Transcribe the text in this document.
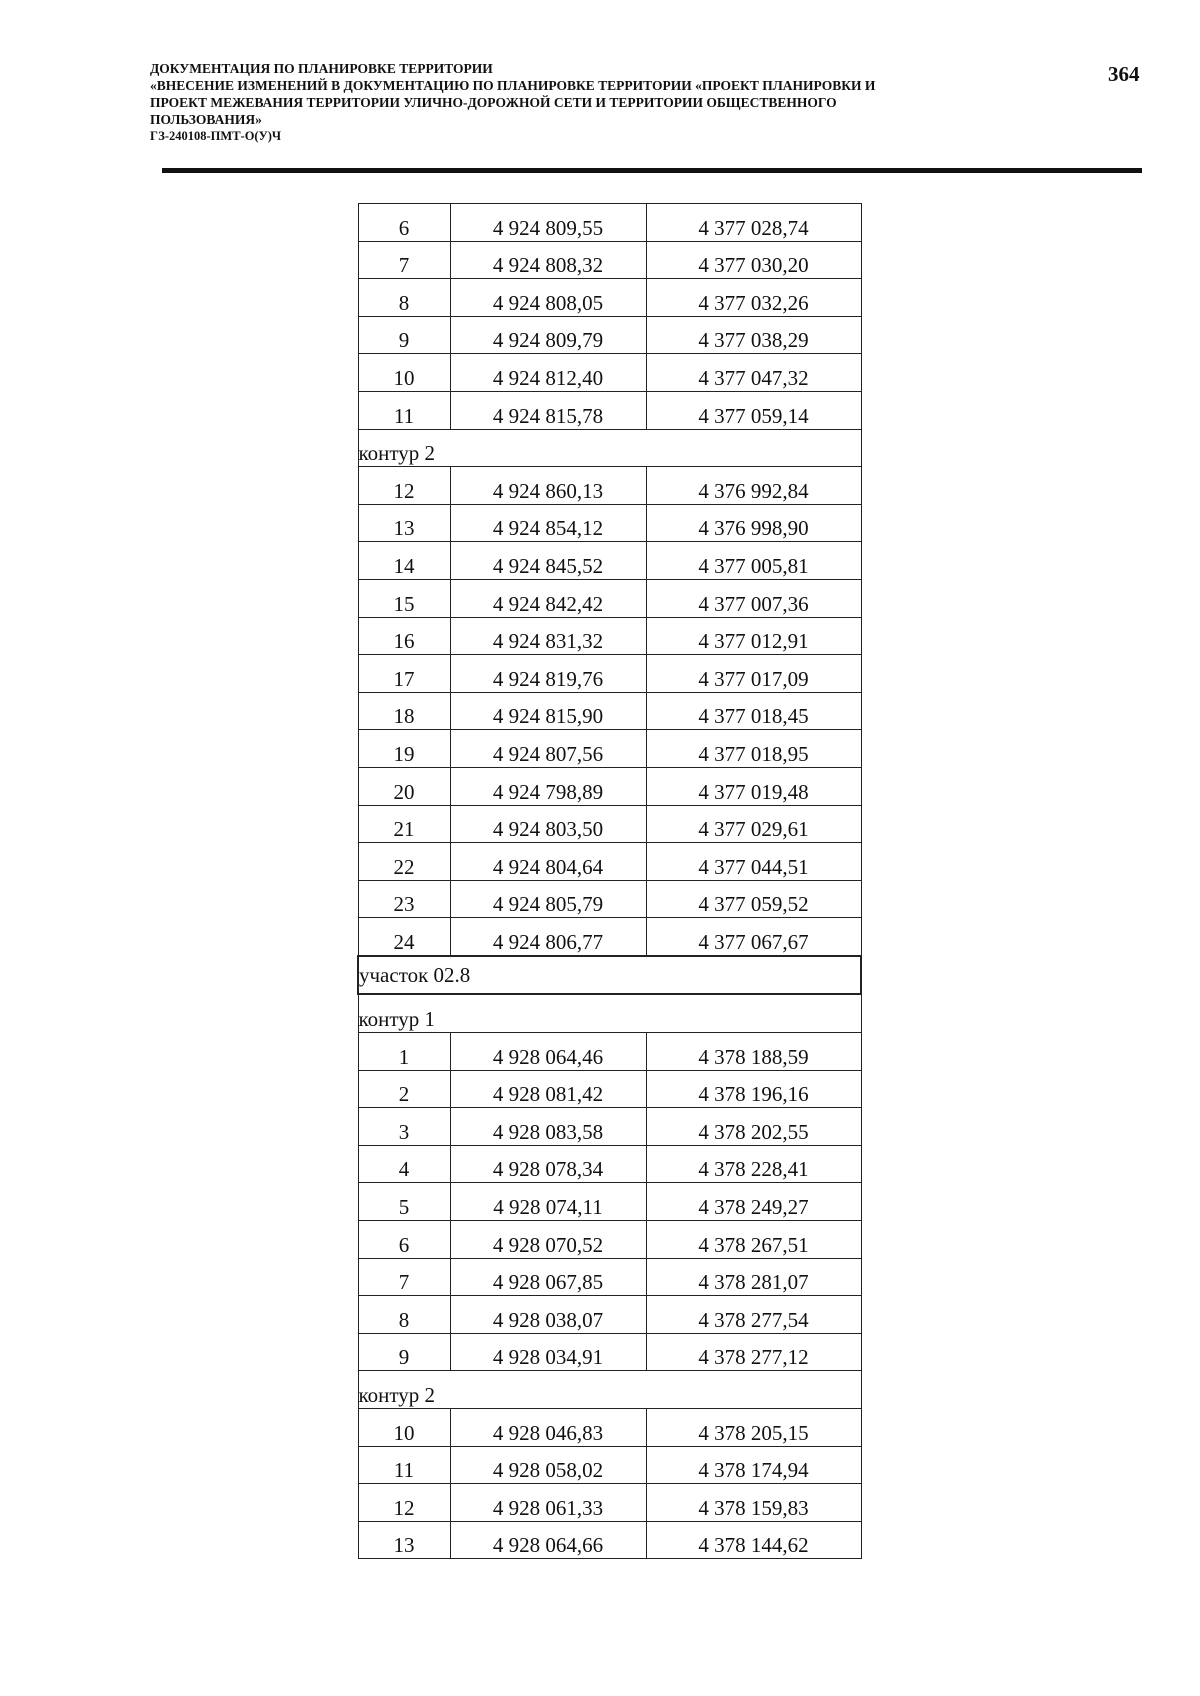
ДОКУМЕНТАЦИЯ ПО ПЛАНИРОВКЕ ТЕРРИТОРИИ
«ВНЕСЕНИЕ ИЗМЕНЕНИЙ В ДОКУМЕНТАЦИЮ ПО ПЛАНИРОВКЕ ТЕРРИТОРИИ «ПРОЕКТ ПЛАНИРОВКИ И
ПРОЕКТ МЕЖЕВАНИЯ ТЕРРИТОРИИ УЛИЧНО-ДОРОЖНОЙ СЕТИ И ТЕРРИТОРИИ ОБЩЕСТВЕННОГО
ПОЛЬЗОВАНИЯ»
ГЗ-240108-ПМТ-О(У)Ч
364
6	4 924 809,55	4 377 028,74
7	4 924 808,32	4 377 030,20
8	4 924 808,05	4 377 032,26
9	4 924 809,79	4 377 038,29
10	4 924 812,40	4 377 047,32
11	4 924 815,78	4 377 059,14
контур 2		
12	4 924 860,13	4 376 992,84
13	4 924 854,12	4 376 998,90
14	4 924 845,52	4 377 005,81
15	4 924 842,42	4 377 007,36
16	4 924 831,32	4 377 012,91
17	4 924 819,76	4 377 017,09
18	4 924 815,90	4 377 018,45
19	4 924 807,56	4 377 018,95
20	4 924 798,89	4 377 019,48
21	4 924 803,50	4 377 029,61
22	4 924 804,64	4 377 044,51
23	4 924 805,79	4 377 059,52
24	4 924 806,77	4 377 067,67
участок 02.8		
контур 1		
1	4 928 064,46	4 378 188,59
2	4 928 081,42	4 378 196,16
3	4 928 083,58	4 378 202,55
4	4 928 078,34	4 378 228,41
5	4 928 074,11	4 378 249,27
6	4 928 070,52	4 378 267,51
7	4 928 067,85	4 378 281,07
8	4 928 038,07	4 378 277,54
9	4 928 034,91	4 378 277,12
контур 2		
10	4 928 046,83	4 378 205,15
11	4 928 058,02	4 378 174,94
12	4 928 061,33	4 378 159,83
13	4 928 064,66	4 378 144,62
